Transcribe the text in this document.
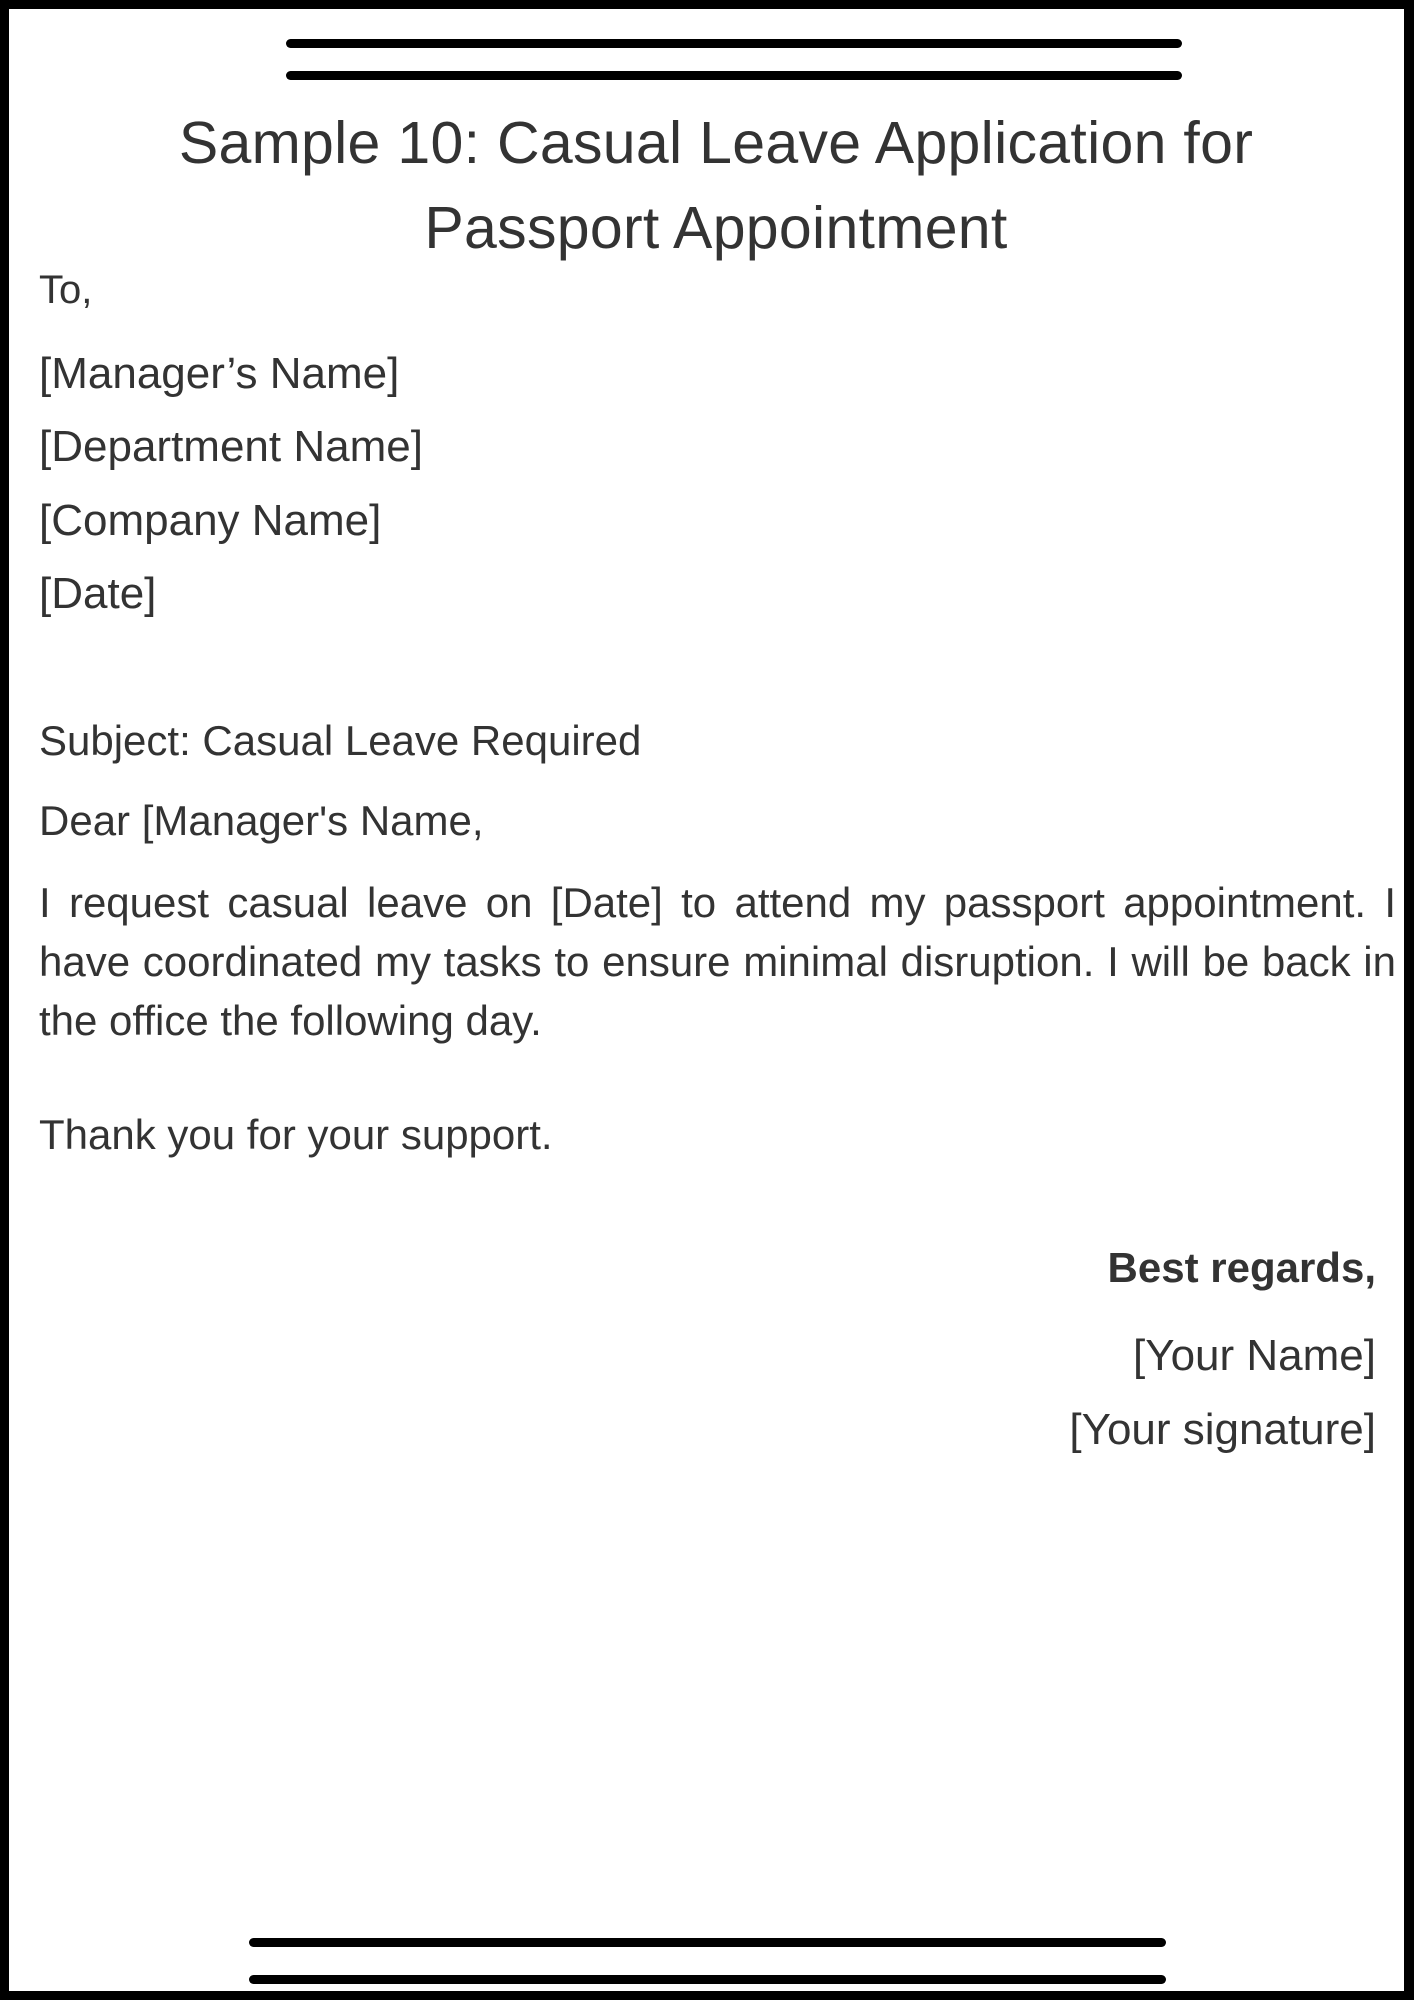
Sample 10: Casual Leave Application for
Passport Appointment

To,

[Manager’s Name]

[Department Name]

[Company Name]

[Date]

Subject: Casual Leave Required

Dear [Manager's Name,

I request casual leave on [Date] to attend my passport appointment. I have coordinated my tasks to ensure minimal disruption. I will be back in the office the following day.

Thank you for your support.

Best regards,

[Your Name]

[Your signature]
